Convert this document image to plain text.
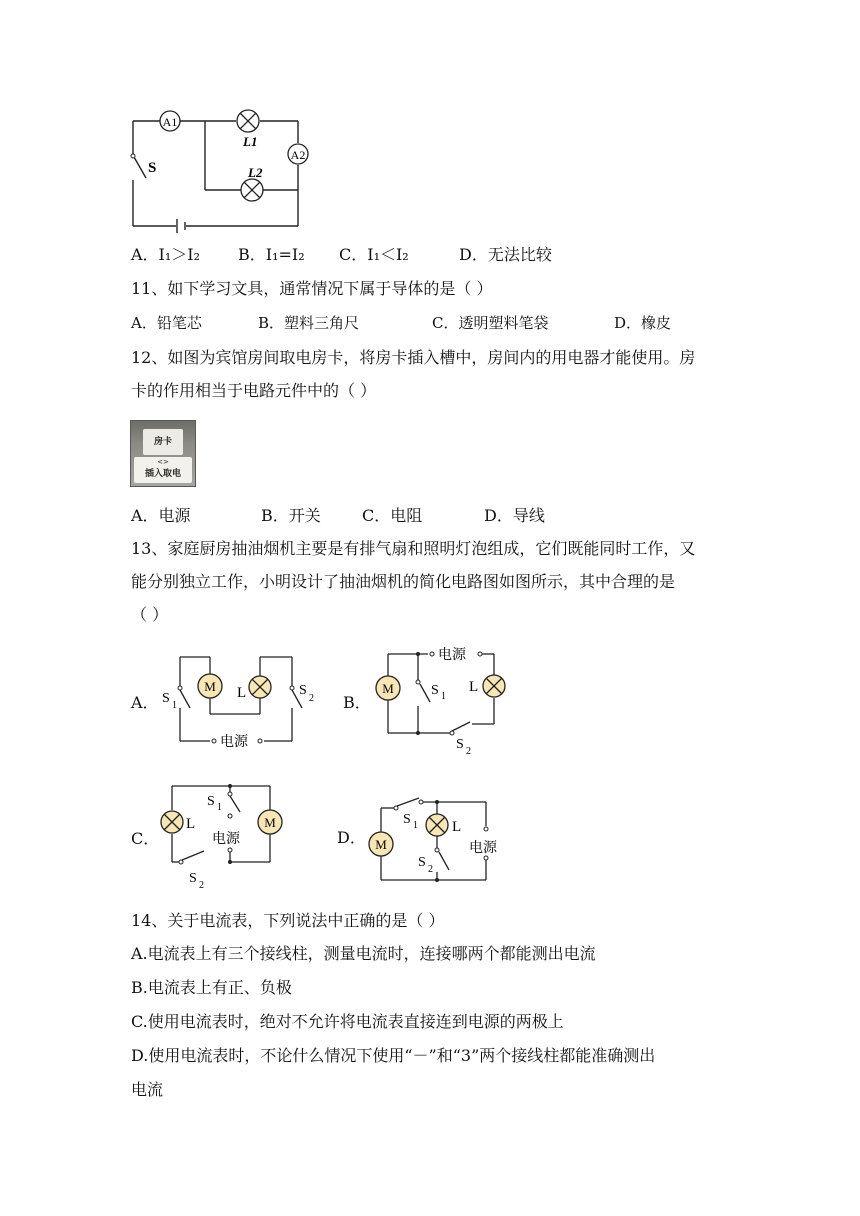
A1
A2
L1
L2
S
A．I₁＞I₂ B．I₁=I₂ C．I₁＜I₂	D．无法比较
11、如下学习文具，通常情况下属于导体的是（ ）
A．铅笔芯	B．塑料三角尺	C．透明塑料笔袋	D．橡皮
12、如图为宾馆房间取电房卡，将房卡插入槽中，房间内的用电器才能使用。房
卡的作用相当于电路元件中的（ ）
房卡
<>
插入取电
A．电源	B．开关	C．电阻	D．导线
13、家庭厨房抽油烟机主要是有排气扇和照明灯泡组成，它们既能同时工作，又
能分别独立工作，小明设计了抽油烟机的简化电路图如图所示，其中合理的是
（ ）
A．	B．
C．	D．
M L
S 1
S
2
电源
M	L
电源
S 1
S 2
L	M
S 1
电源
S 2
M
L
S 1
S 2
电源
14、关于电流表，下列说法中正确的是（ ）
A.电流表上有三个接线柱，测量电流时，连接哪两个都能测出电流
B.电流表上有正、负极
C.使用电流表时，绝对不允许将电流表直接连到电源的两极上
D.使用电流表时，不论什么情况下使用“－”和“3”两个接线柱都能准确测出
电流
